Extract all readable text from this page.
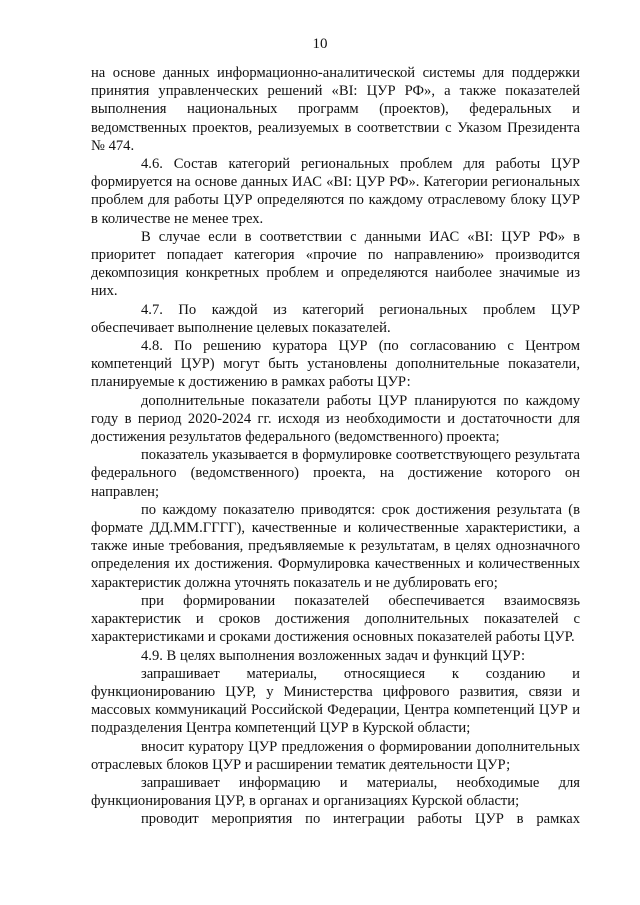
10

на основе данных информационно-аналитической системы для поддержки принятия управленческих решений «BI: ЦУР РФ», а также показателей выполнения национальных программ (проектов), федеральных и ведомственных проектов, реализуемых в соответствии с Указом Президента № 474.

4.6. Состав категорий региональных проблем для работы ЦУР формируется на основе данных ИАС «BI: ЦУР РФ». Категории региональных проблем для работы ЦУР определяются по каждому отраслевому блоку ЦУР в количестве не менее трех.

В случае если в соответствии с данными ИАС «BI: ЦУР РФ» в приоритет попадает категория «прочие по направлению» производится декомпозиция конкретных проблем и определяются наиболее значимые из них.

4.7. По каждой из категорий региональных проблем ЦУР обеспечивает выполнение целевых показателей.

4.8. По решению куратора ЦУР (по согласованию с Центром компетенций ЦУР) могут быть установлены дополнительные показатели, планируемые к достижению в рамках работы ЦУР:

дополнительные показатели работы ЦУР планируются по каждому году в период 2020-2024 гг. исходя из необходимости и достаточности для достижения результатов федерального (ведомственного) проекта;

показатель указывается в формулировке соответствующего результата федерального (ведомственного) проекта, на достижение которого он направлен;

по каждому показателю приводятся: срок достижения результата (в формате ДД.ММ.ГГГГ), качественные и количественные характеристики, а также иные требования, предъявляемые к результатам, в целях однозначного определения их достижения. Формулировка качественных и количественных характеристик должна уточнять показатель и не дублировать его;

при формировании показателей обеспечивается взаимосвязь характеристик и сроков достижения дополнительных показателей с характеристиками и сроками достижения основных показателей работы ЦУР.

4.9. В целях выполнения возложенных задач и функций ЦУР:

запрашивает материалы, относящиеся к созданию и функционированию ЦУР, у Министерства цифрового развития, связи и массовых коммуникаций Российской Федерации, Центра компетенций ЦУР и подразделения Центра компетенций ЦУР в Курской области;

вносит куратору ЦУР предложения о формировании дополнительных отраслевых блоков ЦУР и расширении тематик деятельности ЦУР;

запрашивает информацию и материалы, необходимые для функционирования ЦУР, в органах и организациях Курской области;

проводит мероприятия по интеграции работы ЦУР в рамках
